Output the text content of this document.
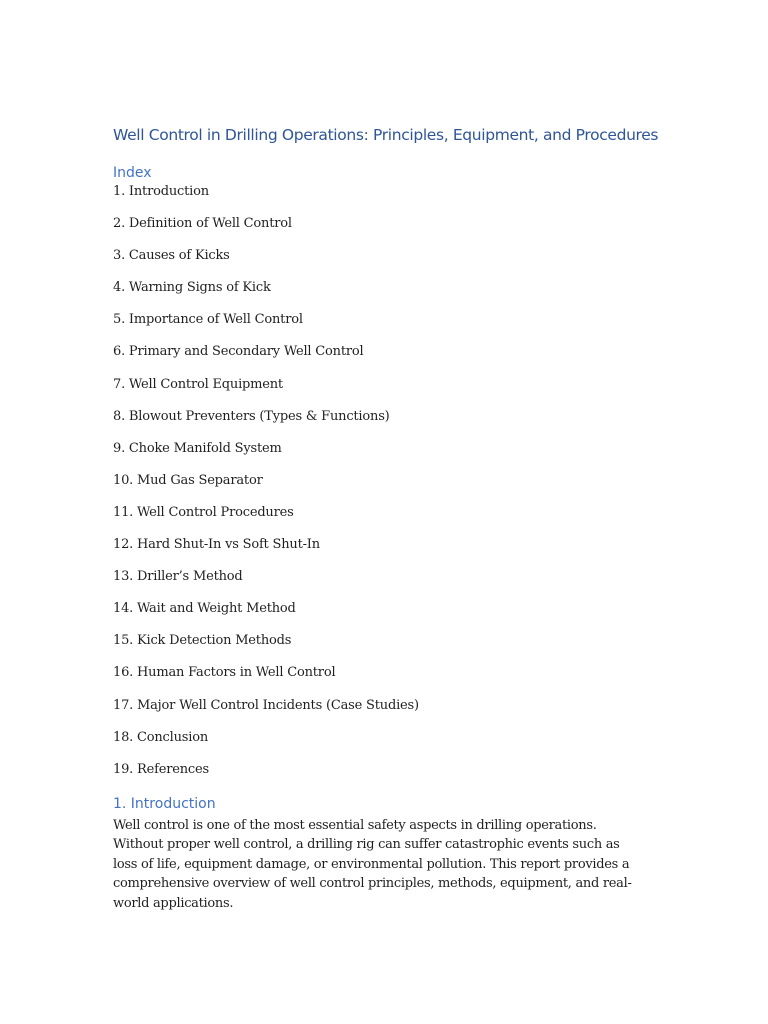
Well Control in Drilling Operations: Principles, Equipment, and Procedures
Index
1. Introduction
2. Definition of Well Control
3. Causes of Kicks
4. Warning Signs of Kick
5. Importance of Well Control
6. Primary and Secondary Well Control
7. Well Control Equipment
8. Blowout Preventers (Types & Functions)
9. Choke Manifold System
10. Mud Gas Separator
11. Well Control Procedures
12. Hard Shut-In vs Soft Shut-In
13. Driller’s Method
14. Wait and Weight Method
15. Kick Detection Methods
16. Human Factors in Well Control
17. Major Well Control Incidents (Case Studies)
18. Conclusion
19. References
1. Introduction

Well control is one of the most essential safety aspects in drilling operations. Without proper well control, a drilling rig can suffer catastrophic events such as loss of life, equipment damage, or environmental pollution. This report provides a comprehensive overview of well control principles, methods, equipment, and real-world applications.
